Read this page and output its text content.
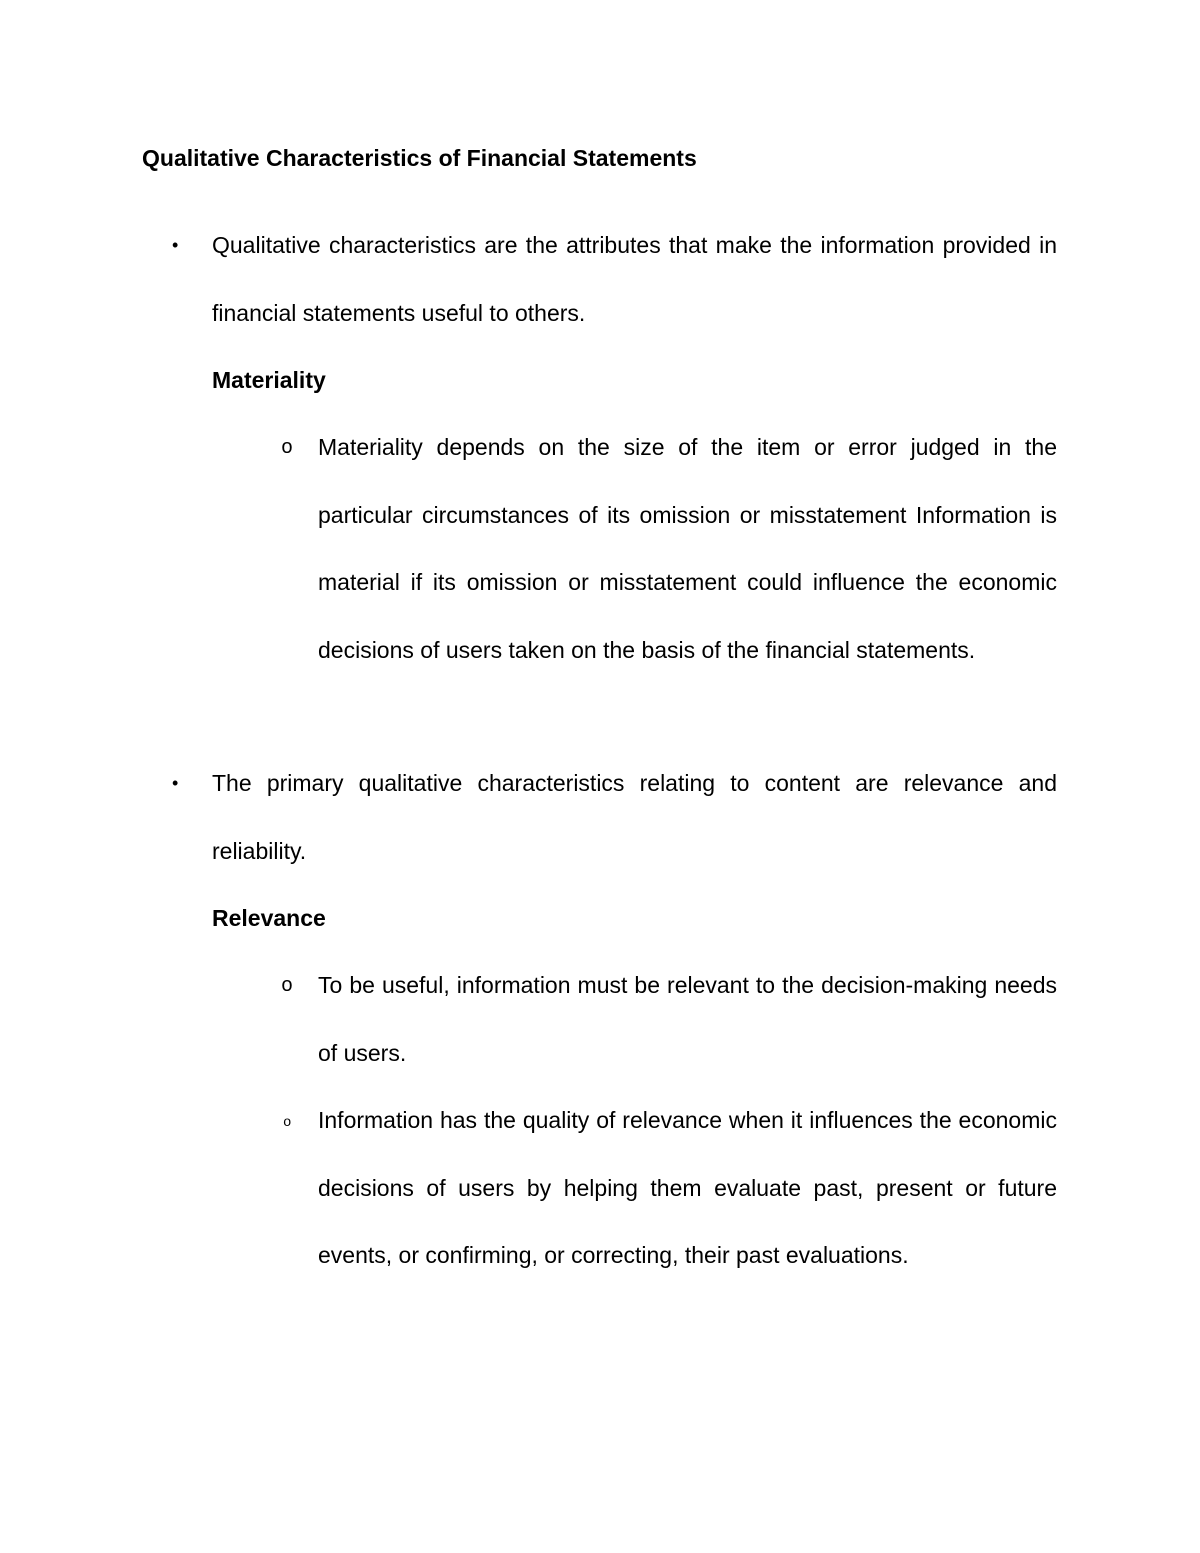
Qualitative Characteristics of Financial Statements
• Qualitative characteristics are the attributes that make the information provided in financial statements useful to others.
Materiality
o Materiality depends on the size of the item or error judged in the particular circumstances of its omission or misstatement Information is material if its omission or misstatement could influence the economic decisions of users taken on the basis of the financial statements.
• The primary qualitative characteristics relating to content are relevance and reliability.
Relevance
o To be useful, information must be relevant to the decision-making needs of users.
o Information has the quality of relevance when it influences the economic decisions of users by helping them evaluate past, present or future events, or confirming, or correcting, their past evaluations.
